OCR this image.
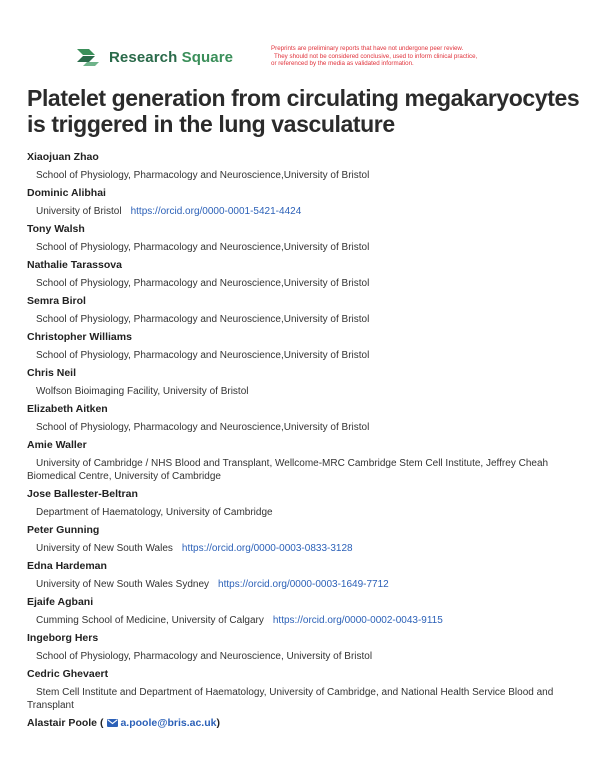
Research Square	Preprints are preliminary reports that have not undergone peer review.
They should not be considered conclusive, used to inform clinical practice,
or referenced by the media as validated information.
Platelet generation from circulating megakaryocytes
is triggered in the lung vasculature
Xiaojuan Zhao
School of Physiology, Pharmacology and Neuroscience,University of Bristol
Dominic Alibhai
University of Bristol https://orcid.org/0000-0001-5421-4424
Tony Walsh
School of Physiology, Pharmacology and Neuroscience,University of Bristol
Nathalie Tarassova
School of Physiology, Pharmacology and Neuroscience,University of Bristol
Semra Birol
School of Physiology, Pharmacology and Neuroscience,University of Bristol
Christopher Williams
School of Physiology, Pharmacology and Neuroscience,University of Bristol
Chris Neil
Wolfson Bioimaging Facility, University of Bristol
Elizabeth Aitken
School of Physiology, Pharmacology and Neuroscience,University of Bristol
Amie Waller
University of Cambridge / NHS Blood and Transplant, Wellcome-MRC Cambridge Stem Cell Institute, Jeffrey Cheah Biomedical Centre, University of Cambridge
Jose Ballester-Beltran
Department of Haematology, University of Cambridge
Peter Gunning
University of New South Wales https://orcid.org/0000-0003-0833-3128
Edna Hardeman
University of New South Wales Sydney https://orcid.org/0000-0003-1649-7712
Ejaife Agbani
Cumming School of Medicine, University of Calgary https://orcid.org/0000-0002-0043-9115
Ingeborg Hers
School of Physiology, Pharmacology and Neuroscience, University of Bristol
Cedric Ghevaert
Stem Cell Institute and Department of Haematology, University of Cambridge, and National Health Service Blood and Transplant
Alastair Poole ( a.poole@bris.ac.uk)
